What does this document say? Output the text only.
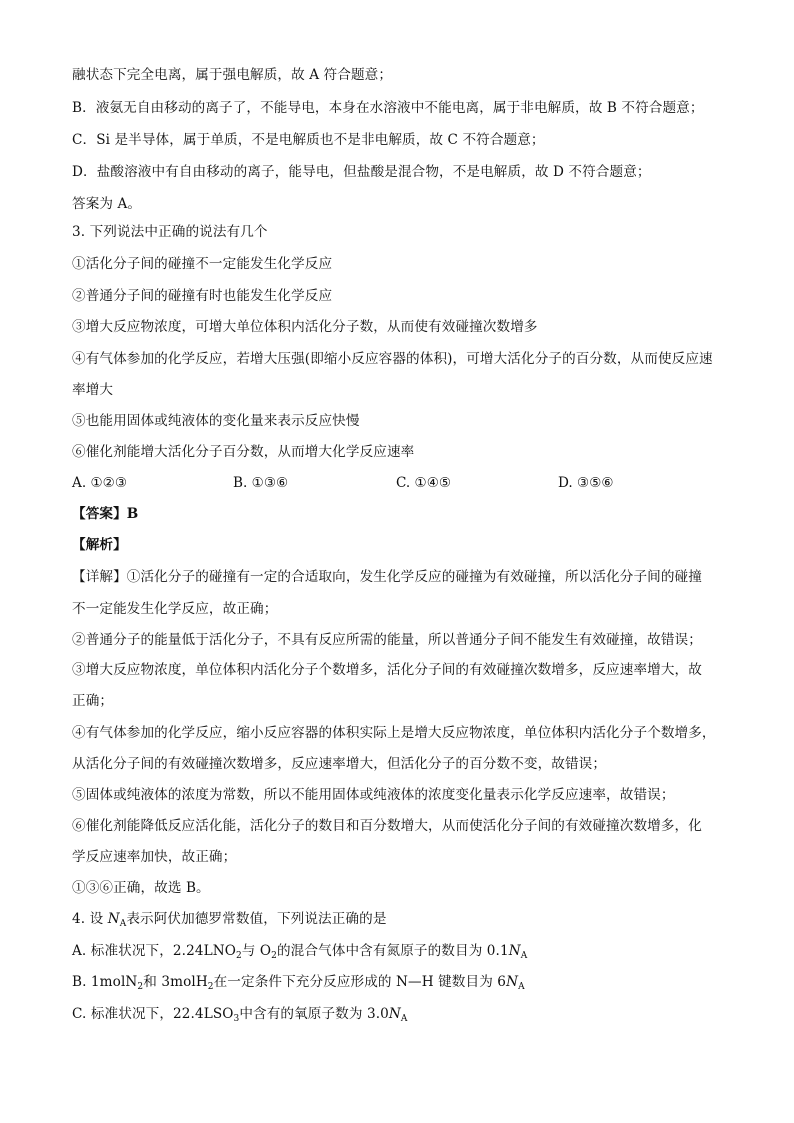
融状态下完全电离，属于强电解质，故 A 符合题意；
B．液氨无自由移动的离子了，不能导电，本身在水溶液中不能电离，属于非电解质，故 B 不符合题意；
C．Si 是半导体，属于单质，不是电解质也不是非电解质，故 C 不符合题意；
D．盐酸溶液中有自由移动的离子，能导电，但盐酸是混合物，不是电解质，故 D 不符合题意；
答案为 A。
3. 下列说法中正确的说法有几个
①活化分子间的碰撞不一定能发生化学反应
②普通分子间的碰撞有时也能发生化学反应
③增大反应物浓度，可增大单位体积内活化分子数，从而使有效碰撞次数增多
④有气体参加的化学反应，若增大压强(即缩小反应容器的体积)，可增大活化分子的百分数，从而使反应速
率增大
⑤也能用固体或纯液体的变化量来表示反应快慢
⑥催化剂能增大活化分子百分数，从而增大化学反应速率
A. ①②③	B. ①③⑥	C. ①④⑤	D. ③⑤⑥
【答案】B
【解析】
【详解】①活化分子的碰撞有一定的合适取向，发生化学反应的碰撞为有效碰撞，所以活化分子间的碰撞
不一定能发生化学反应，故正确；
②普通分子的能量低于活化分子，不具有反应所需的能量，所以普通分子间不能发生有效碰撞，故错误；
③增大反应物浓度，单位体积内活化分子个数增多，活化分子间的有效碰撞次数增多，反应速率增大，故
正确；
④有气体参加的化学反应，缩小反应容器的体积实际上是增大反应物浓度，单位体积内活化分子个数增多，
从活化分子间的有效碰撞次数增多，反应速率增大，但活化分子的百分数不变，故错误；
⑤固体或纯液体的浓度为常数，所以不能用固体或纯液体的浓度变化量表示化学反应速率，故错误；
⑥催化剂能降低反应活化能，活化分子的数目和百分数增大，从而使活化分子间的有效碰撞次数增多，化
学反应速率加快，故正确；
①③⑥正确，故选 B。
4. 设 $N_A$表示阿伏加德罗常数值，下列说法正确的是
A. 标准状况下，$2.24LNO_2$与 $O_2$的混合气体中含有氮原子的数目为 $0.1N_A$
B. 1molN$_2$和 3molH$_2$在一定条件下充分反应形成的 N—H 键数目为 $6N_A$
C. 标准状况下，$22.4LSO_3$中含有的氧原子数为 $3.0N_A$
